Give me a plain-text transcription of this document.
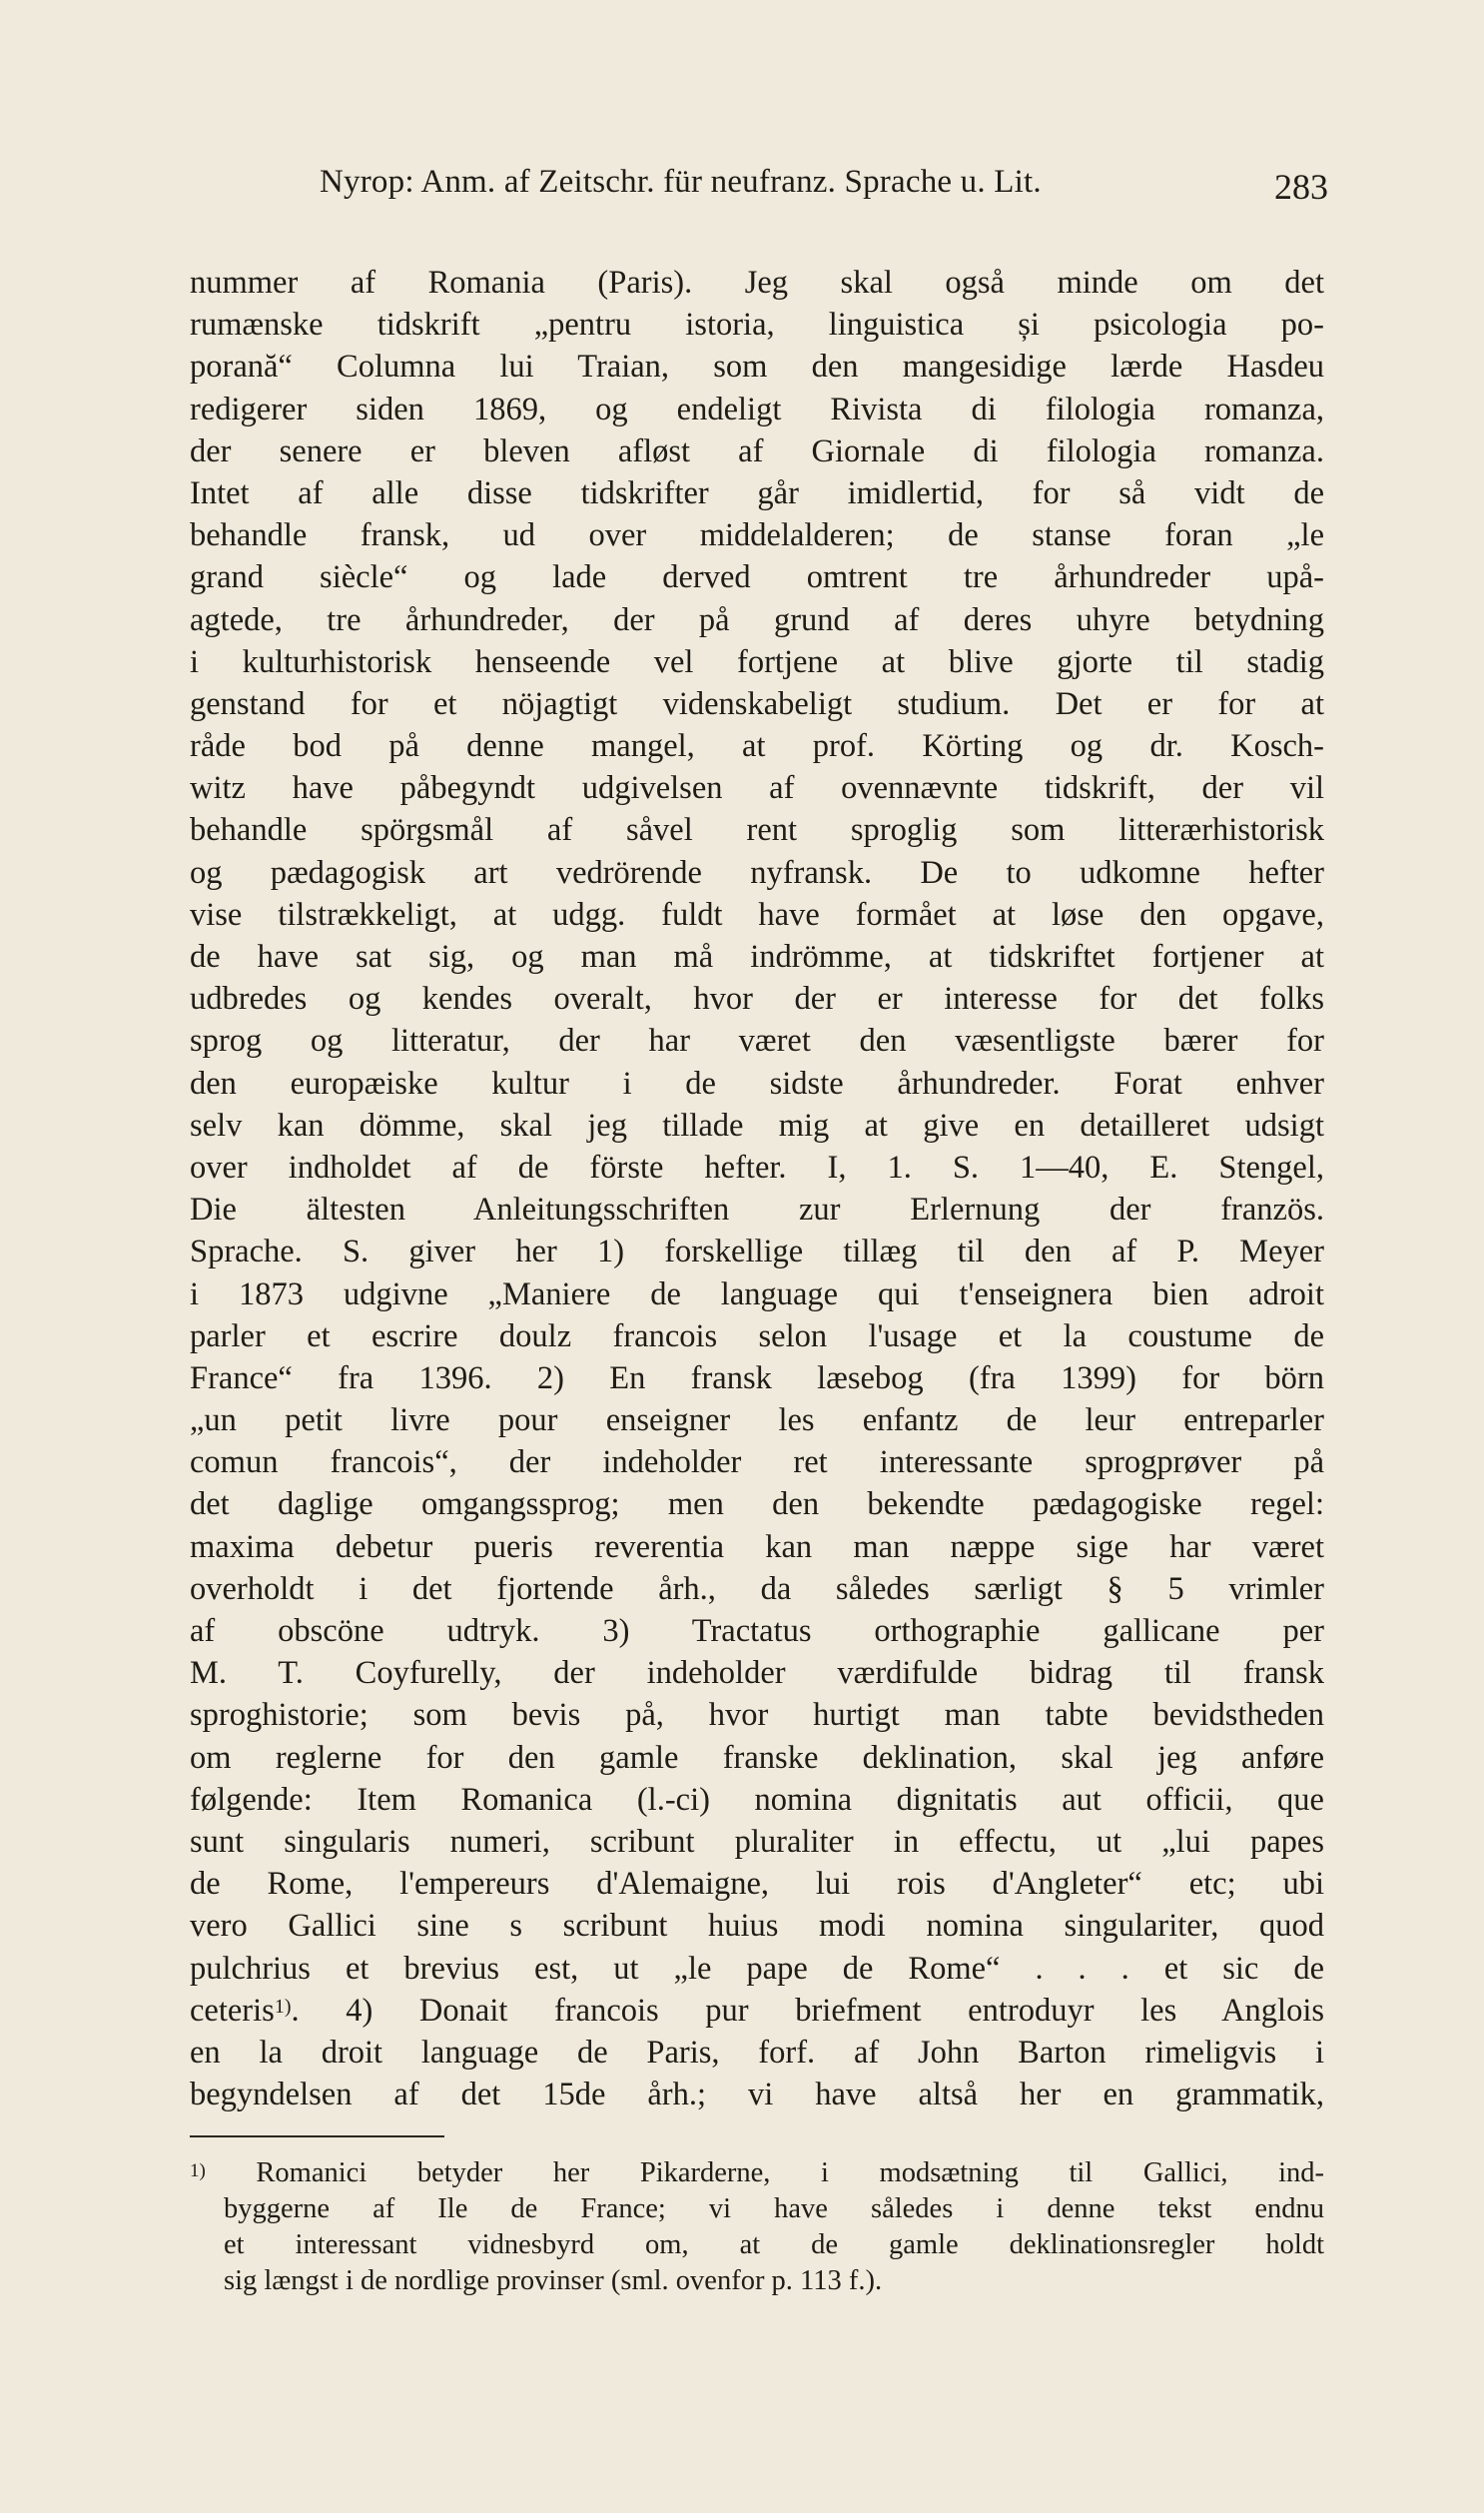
Nyrop: Anm. af Zeitschr. für neufranz. Sprache u. Lit.	283
nummer af Romania (Paris). Jeg skal også minde om det
rumænske tidskrift „pentru istoria, linguistica și psicologia po-
porană“ Columna lui Traian, som den mangesidige lærde Hasdeu
redigerer siden 1869, og endeligt Rivista di filologia romanza,
der senere er bleven afløst af Giornale di filologia romanza.
Intet af alle disse tidskrifter går imidlertid, for så vidt de
behandle fransk, ud over middelalderen; de stanse foran „le
grand siècle“ og lade derved omtrent tre århundreder upå-
agtede, tre århundreder, der på grund af deres uhyre betydning
i kulturhistorisk henseende vel fortjene at blive gjorte til stadig
genstand for et nöjagtigt videnskabeligt studium. Det er for at
råde bod på denne mangel, at prof. Körting og dr. Kosch-
witz have påbegyndt udgivelsen af ovennævnte tidskrift, der vil
behandle spörgsmål af såvel rent sproglig som litterærhistorisk
og pædagogisk art vedrörende nyfransk. De to udkomne hefter
vise tilstrækkeligt, at udgg. fuldt have formået at løse den opgave,
de have sat sig, og man må indrömme, at tidskriftet fortjener at
udbredes og kendes overalt, hvor der er interesse for det folks
sprog og litteratur, der har været den væsentligste bærer for
den europæiske kultur i de sidste århundreder. Forat enhver
selv kan dömme, skal jeg tillade mig at give en detailleret udsigt
over indholdet af de förste hefter. I, 1. S. 1—40, E. Stengel,
Die ältesten Anleitungsschriften zur Erlernung der französ.
Sprache. S. giver her 1) forskellige tillæg til den af P. Meyer
i 1873 udgivne „Maniere de language qui t'enseignera bien adroit
parler et escrire doulz francois selon l'usage et la coustume de
France“ fra 1396. 2) En fransk læsebog (fra 1399) for börn
„un petit livre pour enseigner les enfantz de leur entreparler
comun francois“, der indeholder ret interessante sprogprøver på
det daglige omgangssprog; men den bekendte pædagogiske regel:
maxima debetur pueris reverentia kan man næppe sige har været
overholdt i det fjortende årh., da således særligt § 5 vrimler
af obscöne udtryk. 3) Tractatus orthographie gallicane per
M. T. Coyfurelly, der indeholder værdifulde bidrag til fransk
sproghistorie; som bevis på, hvor hurtigt man tabte bevidstheden
om reglerne for den gamle franske deklination, skal jeg anføre
følgende: Item Romanica (l.-ci) nomina dignitatis aut officii, que
sunt singularis numeri, scribunt pluraliter in effectu, ut „lui papes
de Rome, l'empereurs d'Alemaigne, lui rois d'Angleter“ etc; ubi
vero Gallici sine s scribunt huius modi nomina singulariter, quod
pulchrius et brevius est, ut „le pape de Rome“ . . . et sic de
ceteris$^{1)}$. 4) Donait francois pur briefment entroduyr les Anglois
en la droit language de Paris, forf. af John Barton rimeligvis i
begyndelsen af det 15de årh.; vi have altså her en grammatik,
$^{1)}$ Romanici betyder her Pikarderne, i modsætning til Gallici, ind-
byggerne af Ile de France; vi have således i denne tekst endnu
et interessant vidnesbyrd om, at de gamle deklinationsregler holdt
sig længst i de nordlige provinser (sml. ovenfor p. 113 f.).
